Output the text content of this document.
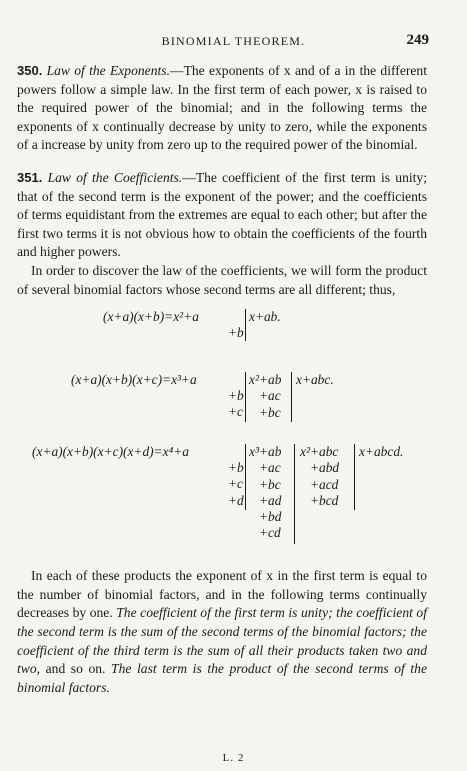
BINOMIAL THEOREM.	249

350. Law of the Exponents.—The exponents of x and of a in the different powers follow a simple law. In the first term of each power, x is raised to the required power of the binomial; and in the following terms the exponents of x continually decrease by unity to zero, while the exponents of a increase by unity from zero up to the required power of the binomial.

351. Law of the Coefficients.—The coefficient of the first term is unity; that of the second term is the exponent of the power; and the coefficients of terms equidistant from the extremes are equal to each other; but after the first two terms it is not obvious how to obtain the coefficients of the fourth and higher powers.

In order to discover the law of the coefficients, we will form the product of several binomial factors whose second terms are all different; thus,

(x+a)(x+b)=x²+a
+b
x+ab.
(x+a)(x+b)(x+c)=x³+a
+b
+c
x²+ab
+ac
+bc
x+abc.
(x+a)(x+b)(x+c)(x+d)=x⁴+a
+b
+c
+d
x³+ab
+ac
+bc
+ad
+bd
+cd
x²+abc
+abd
+acd
+bcd
x+abcd.

In each of these products the exponent of x in the first term is equal to the number of binomial factors, and in the following terms continually decreases by one. The coefficient of the first term is unity; the coefficient of the second term is the sum of the second terms of the binomial factors; the coefficient of the third term is the sum of all their products taken two and two, and so on. The last term is the product of the second terms of the binomial factors.

L. 2
